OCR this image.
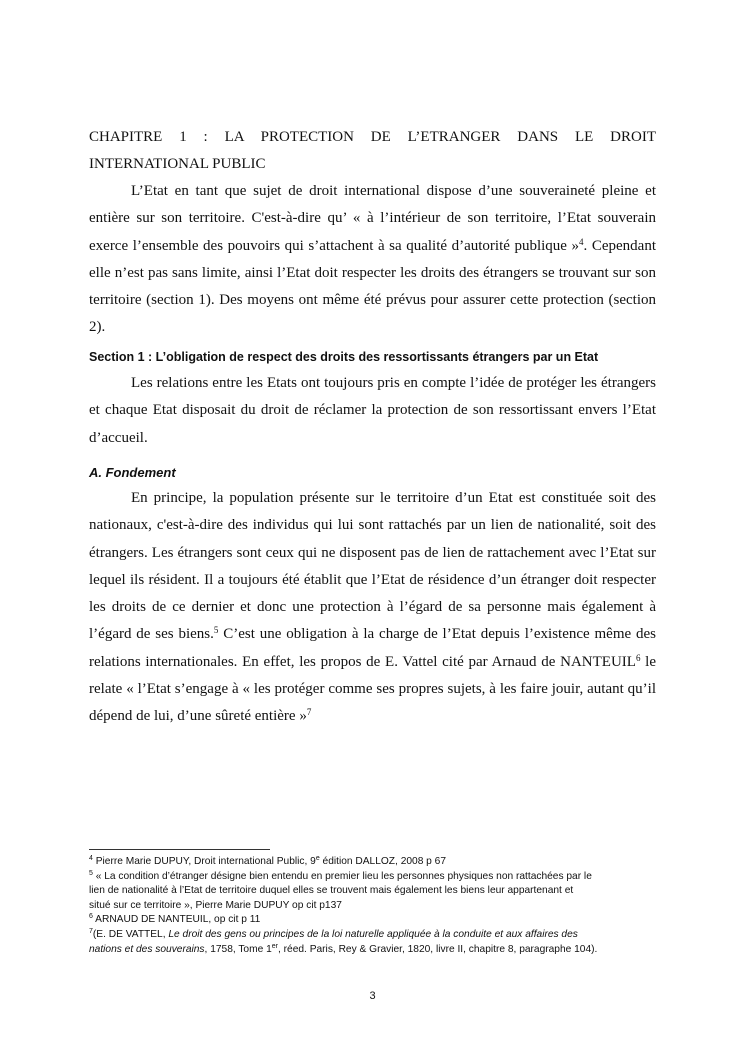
CHAPITRE 1 : LA PROTECTION DE L’ETRANGER DANS LE DROIT
INTERNATIONAL PUBLIC

L’Etat en tant que sujet de droit international dispose d’une souveraineté pleine et entière sur son territoire. C'est-à-dire qu’ « à l’intérieur de son territoire, l’Etat souverain exerce l’ensemble des pouvoirs qui s’attachent à sa qualité d’autorité publique »$^4$. Cependant elle n’est pas sans limite, ainsi l’Etat doit respecter les droits des étrangers se trouvant sur son territoire (section 1). Des moyens ont même été prévus pour assurer cette protection (section 2).

Section 1 : L’obligation de respect des droits des ressortissants étrangers par un Etat

Les relations entre les Etats ont toujours pris en compte l’idée de protéger les étrangers et chaque Etat disposait du droit de réclamer la protection de son ressortissant envers l’Etat d’accueil.

A. Fondement

En principe, la population présente sur le territoire d’un Etat est constituée soit des nationaux, c'est-à-dire des individus qui lui sont rattachés par un lien de nationalité, soit des étrangers. Les étrangers sont ceux qui ne disposent pas de lien de rattachement avec l’Etat sur lequel ils résident. Il a toujours été établit que l’Etat de résidence d’un étranger doit respecter les droits de ce dernier et donc une protection à l’égard de sa personne mais également à l’égard de ses biens.$^5$ C’est une obligation à la charge de l’Etat depuis l’existence même des relations internationales. En effet, les propos de E. Vattel cité par Arnaud de NANTEUIL$^6$ le relate « l’Etat s’engage à « les protéger comme ses propres sujets, à les faire jouir, autant qu’il dépend de lui, d’une sûreté entière »$^7$

$^4$ Pierre Marie DUPUY, Droit international Public, 9e édition DALLOZ, 2008 p 67
$^5$ « La condition d’étranger désigne bien entendu en premier lieu les personnes physiques non rattachées par le
lien de nationalité à l’Etat de territoire duquel elles se trouvent mais également les biens leur appartenant et
situé sur ce territoire », Pierre Marie DUPUY op cit p137
$^6$ ARNAUD DE NANTEUIL, op cit p 11
$^7$(E. DE VATTEL, Le droit des gens ou principes de la loi naturelle appliquée à la conduite et aux affaires des
nations et des souverains, 1758, Tome 1er, réed. Paris, Rey & Gravier, 1820, livre II, chapitre 8, paragraphe 104).
3
